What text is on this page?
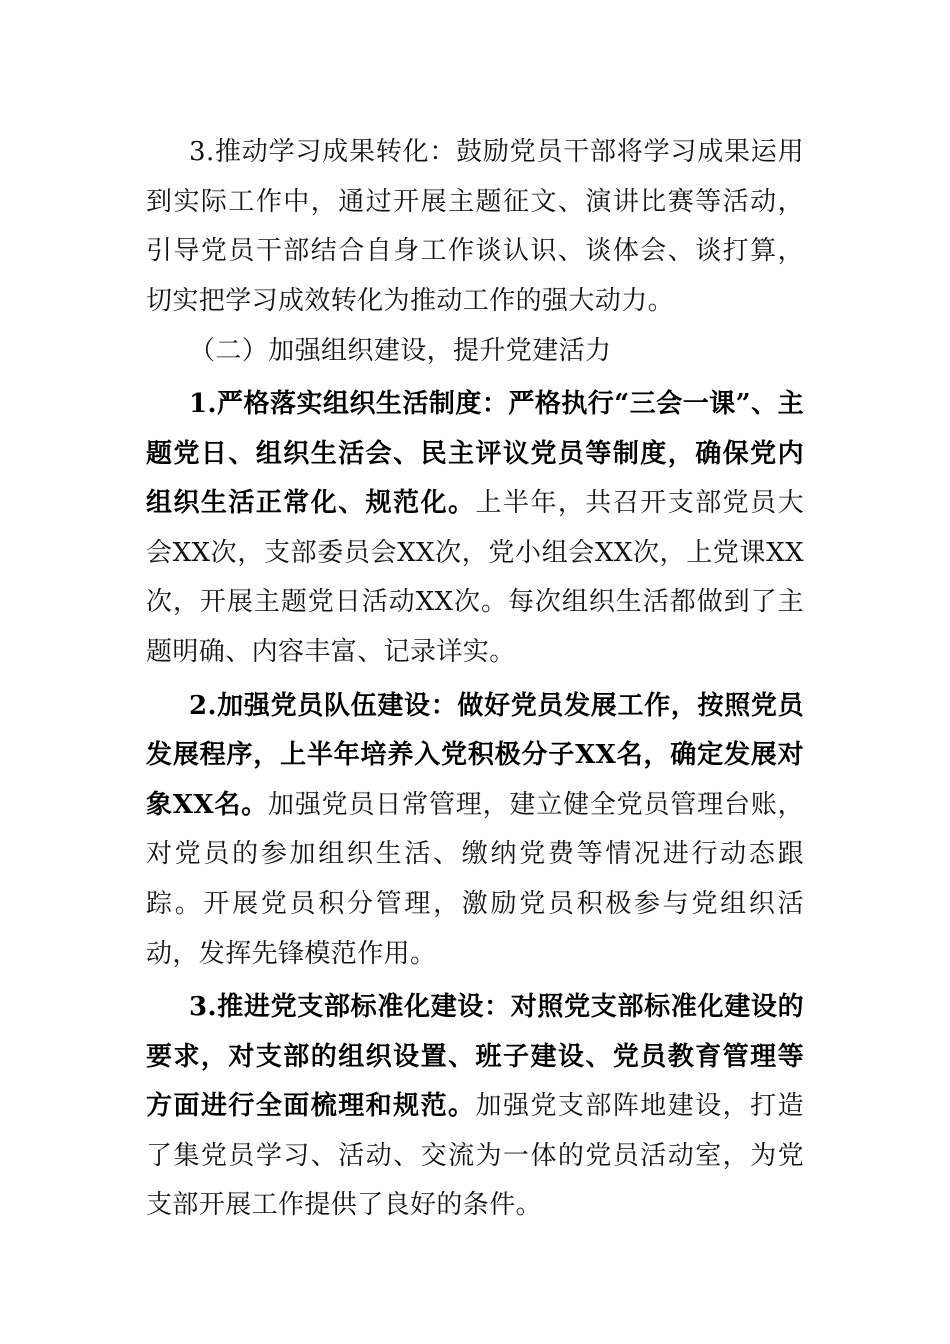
3.推动学习成果转化：鼓励党员干部将学习成果运用到实际工作中，通过开展主题征文、演讲比赛等活动，引导党员干部结合自身工作谈认识、谈体会、谈打算，切实把学习成效转化为推动工作的强大动力。

（二）加强组织建设，提升党建活力

1.严格落实组织生活制度：严格执行“三会一课”、主题党日、组织生活会、民主评议党员等制度，确保党内组织生活正常化、规范化。上半年，共召开支部党员大会XX次，支部委员会XX次，党小组会XX次，上党课XX次，开展主题党日活动XX次。每次组织生活都做到了主题明确、内容丰富、记录详实。

2.加强党员队伍建设：做好党员发展工作，按照党员发展程序，上半年培养入党积极分子XX名，确定发展对象XX名。加强党员日常管理，建立健全党员管理台账，对党员的参加组织生活、缴纳党费等情况进行动态跟踪。开展党员积分管理，激励党员积极参与党组织活动，发挥先锋模范作用。

3.推进党支部标准化建设：对照党支部标准化建设的要求，对支部的组织设置、班子建设、党员教育管理等方面进行全面梳理和规范。加强党支部阵地建设，打造了集党员学习、活动、交流为一体的党员活动室，为党支部开展工作提供了良好的条件。
